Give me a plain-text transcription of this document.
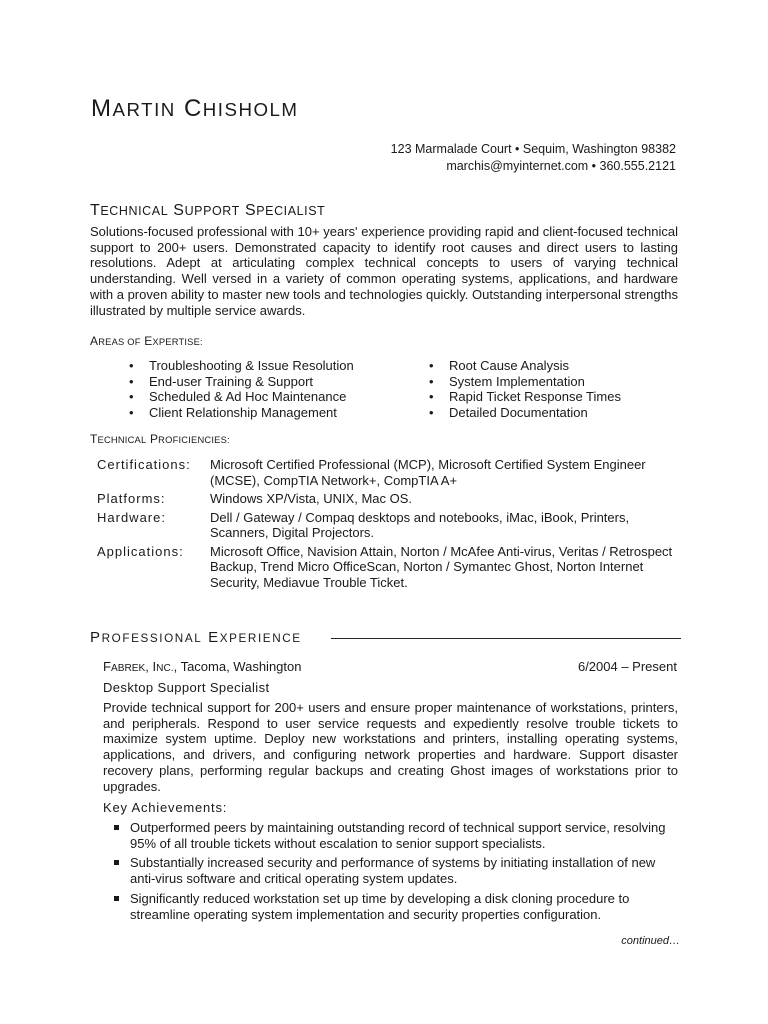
MARTIN CHISHOLM
123 Marmalade Court • Sequim, Washington 98382
marchis@myinternet.com • 360.555.2121
TECHNICAL SUPPORT SPECIALIST
Solutions-focused professional with 10+ years' experience providing rapid and client-focused technical support to 200+ users. Demonstrated capacity to identify root causes and direct users to lasting resolutions. Adept at articulating complex technical concepts to users of varying technical understanding. Well versed in a variety of common operating systems, applications, and hardware with a proven ability to master new tools and technologies quickly. Outstanding interpersonal strengths illustrated by multiple service awards.
AREAS OF EXPERTISE:
• Troubleshooting & Issue Resolution
• End-user Training & Support
• Scheduled & Ad Hoc Maintenance
• Client Relationship Management
• Root Cause Analysis
• System Implementation
• Rapid Ticket Response Times
• Detailed Documentation
TECHNICAL PROFICIENCIES:
Certifications:	Microsoft Certified Professional (MCP), Microsoft Certified System Engineer (MCSE), CompTIA Network+, CompTIA A+
Platforms:	Windows XP/Vista, UNIX, Mac OS.
Hardware:	Dell / Gateway / Compaq desktops and notebooks, iMac, iBook, Printers, Scanners, Digital Projectors.
Applications:	Microsoft Office, Navision Attain, Norton / McAfee Anti-virus, Veritas / Retrospect Backup, Trend Micro OfficeScan, Norton / Symantec Ghost, Norton Internet Security, Mediavue Trouble Ticket.
PROFESSIONAL EXPERIENCE
FABREK, INC., Tacoma, Washington	6/2004 – Present
Desktop Support Specialist
Provide technical support for 200+ users and ensure proper maintenance of workstations, printers, and peripherals. Respond to user service requests and expediently resolve trouble tickets to maximize system uptime. Deploy new workstations and printers, installing operating systems, applications, and drivers, and configuring network properties and hardware. Support disaster recovery plans, performing regular backups and creating Ghost images of workstations prior to upgrades.
Key Achievements:
Outperformed peers by maintaining outstanding record of technical support service, resolving 95% of all trouble tickets without escalation to senior support specialists.
Substantially increased security and performance of systems by initiating installation of new anti-virus software and critical operating system updates.
Significantly reduced workstation set up time by developing a disk cloning procedure to streamline operating system implementation and security properties configuration.
continued…
